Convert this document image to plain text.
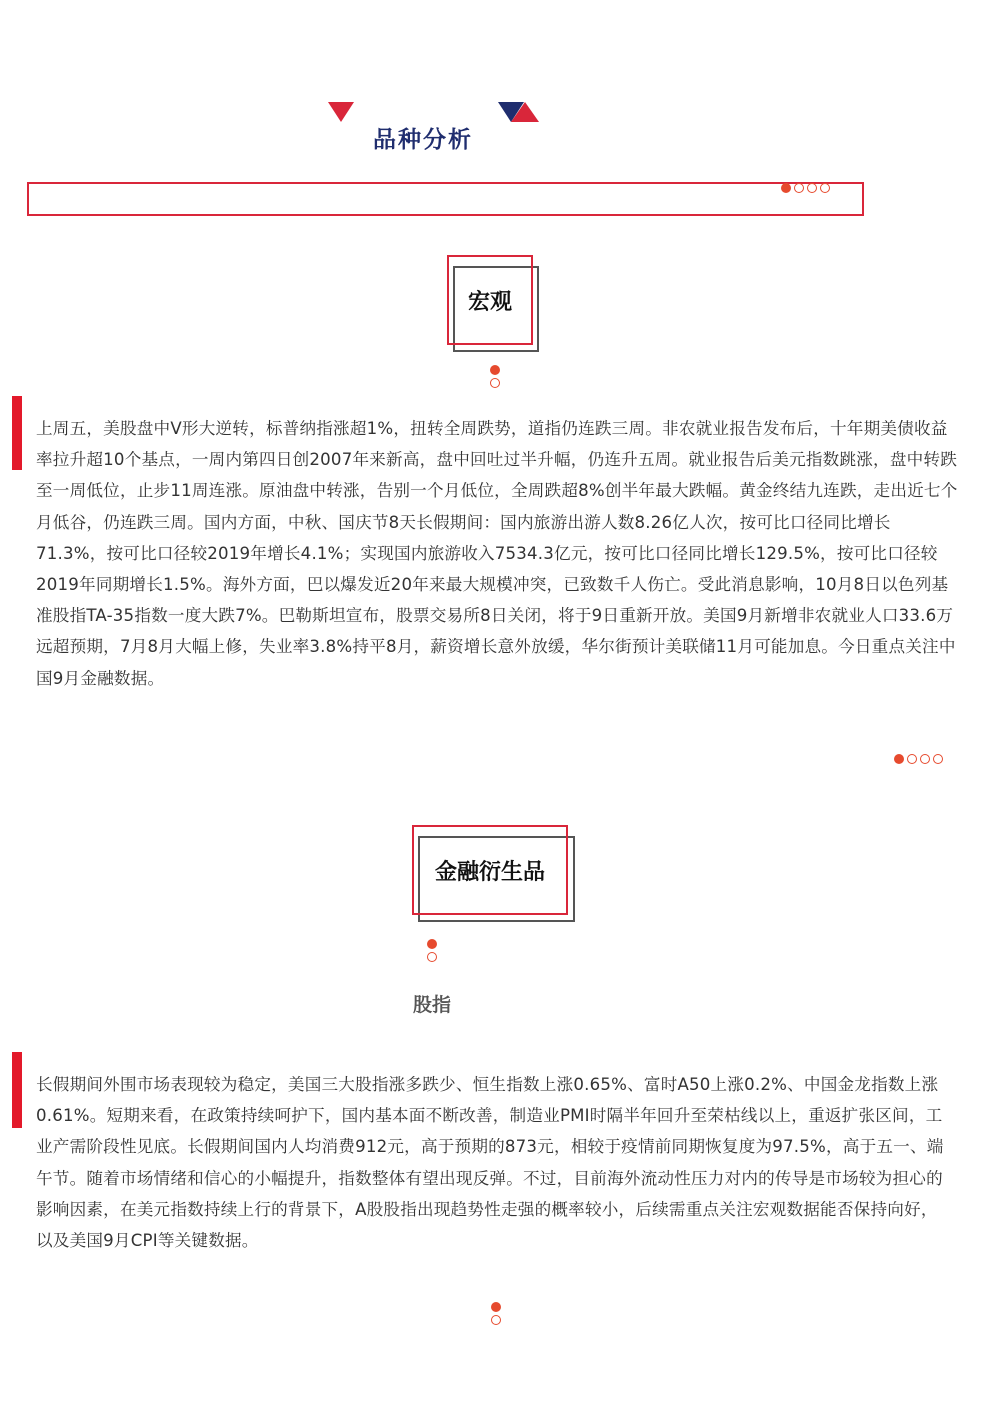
品种分析
宏观
上周五，美股盘中V形大逆转，标普纳指涨超1%，扭转全周跌势，道指仍连跌三周。非农就业报告发布后，十年期美债收益率拉升超10个基点，一周内第四日创2007年来新高，盘中回吐过半升幅，仍连升五周。就业报告后美元指数跳涨，盘中转跌至一周低位，止步11周连涨。原油盘中转涨，告别一个月低位，全周跌超8%创半年最大跌幅。黄金终结九连跌，走出近七个月低谷，仍连跌三周。国内方面，中秋、国庆节8天长假期间：国内旅游出游人数8.26亿人次，按可比口径同比增长71.3%，按可比口径较2019年增长4.1%；实现国内旅游收入7534.3亿元，按可比口径同比增长129.5%，按可比口径较2019年同期增长1.5%。海外方面，巴以爆发近20年来最大规模冲突，已致数千人伤亡。受此消息影响，10月8日以色列基准股指TA-35指数一度大跌7%。巴勒斯坦宣布，股票交易所8日关闭，将于9日重新开放。美国9月新增非农就业人口33.6万远超预期，7月8月大幅上修，失业率3.8%持平8月，薪资增长意外放缓，华尔街预计美联储11月可能加息。今日重点关注中国9月金融数据。
金融衍生品
股指
长假期间外围市场表现较为稳定，美国三大股指涨多跌少、恒生指数上涨0.65%、富时A50上涨0.2%、中国金龙指数上涨0.61%。短期来看，在政策持续呵护下，国内基本面不断改善，制造业PMI时隔半年回升至荣枯线以上，重返扩张区间，工业产需阶段性见底。长假期间国内人均消费912元，高于预期的873元，相较于疫情前同期恢复度为97.5%，高于五一、端午节。随着市场情绪和信心的小幅提升，指数整体有望出现反弹。不过，目前海外流动性压力对内的传导是市场较为担心的影响因素，在美元指数持续上行的背景下，A股股指出现趋势性走强的概率较小，后续需重点关注宏观数据能否保持向好，以及美国9月CPI等关键数据。
